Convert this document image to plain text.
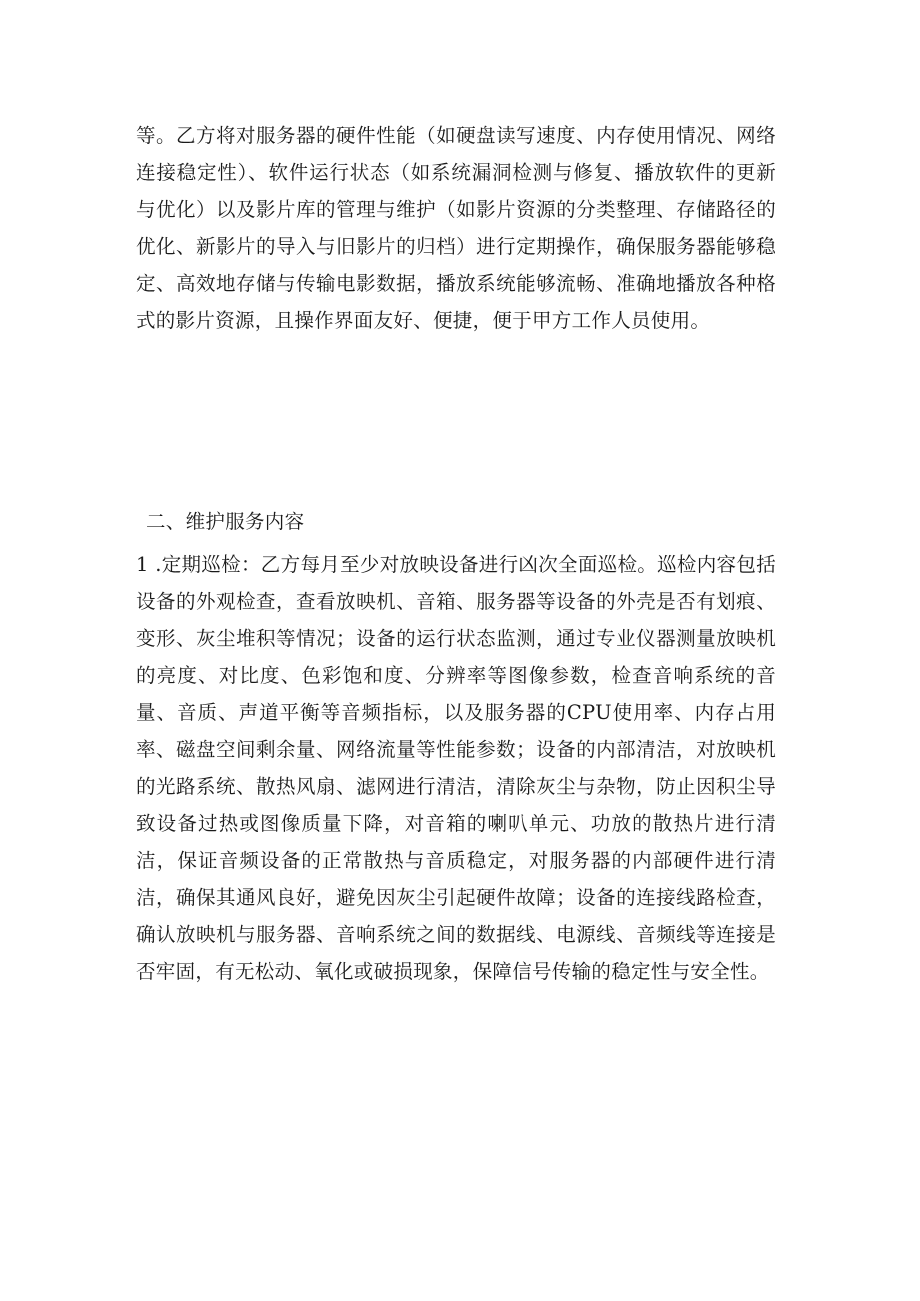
等。乙方将对服务器的硬件性能（如硬盘读写速度、内存使用情况、网络连接稳定性）、软件运行状态（如系统漏洞检测与修复、播放软件的更新与优化）以及影片库的管理与维护（如影片资源的分类整理、存储路径的优化、新影片的导入与旧影片的归档）进行定期操作，确保服务器能够稳定、高效地存储与传输电影数据，播放系统能够流畅、准确地播放各种格式的影片资源，且操作界面友好、便捷，便于甲方工作人员使用。

二、维护服务内容

1 .定期巡检：乙方每月至少对放映设备进行凶次全面巡检。巡检内容包括设备的外观检查，查看放映机、音箱、服务器等设备的外壳是否有划痕、变形、灰尘堆积等情况；设备的运行状态监测，通过专业仪器测量放映机的亮度、对比度、色彩饱和度、分辨率等图像参数，检查音响系统的音量、音质、声道平衡等音频指标，以及服务器的CPU使用率、内存占用率、磁盘空间剩余量、网络流量等性能参数；设备的内部清洁，对放映机的光路系统、散热风扇、滤网进行清洁，清除灰尘与杂物，防止因积尘导致设备过热或图像质量下降，对音箱的喇叭单元、功放的散热片进行清洁，保证音频设备的正常散热与音质稳定，对服务器的内部硬件进行清洁，确保其通风良好，避免因灰尘引起硬件故障；设备的连接线路检查，确认放映机与服务器、音响系统之间的数据线、电源线、音频线等连接是否牢固，有无松动、氧化或破损现象，保障信号传输的稳定性与安全性。
